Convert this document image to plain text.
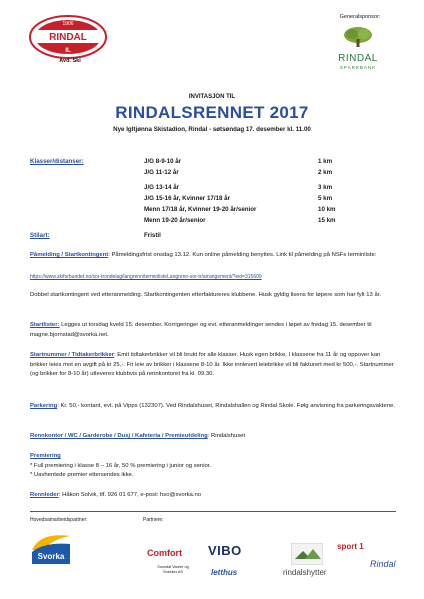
1906
RINDAL
IL
Avd. Ski
Generalsponsor:
RINDAL
SPAREBANK
INVITASJON TIL
RINDALSRENNET 2017
Nye Igltjønna Skistadion, Rindal - søtsøndag 17. desember kl. 11.00
Klasser/distanser:	J/G 8-9-10 år	1 km
J/G 11-12 år	2 km
J/G 13-14 år	3 km
J/G 15-16 år, Kvinner 17/18 år	5 km
Menn 17/18 år, Kvinner 19-20 år/senior	10 km
Menn 19-20 år/senior	15 km
Stilart:	Fristil
Påmelding / Startkontingent: Påmeldingsfrist onsdag 13.12. Kun online påmelding benyttes. Link til påmelding på NSFs terminliste:
https://www.skiforbundet.no/sor-trondelag/langrenn/terminlisteLangrenn-sor-tr/arrangement/?eid=315609
Dobbel startkontingent ved etteranmelding. Startkontingenten etterfaktureres klubbene. Husk gyldig lisens for løpere som har fylt 13 år.
Startlister: Legges ut torsdag kveld 15. desember. Korrigeringer og evt. etteranmeldinger sendes i løpet av fredag 15. desember til magne.bjornstad@svorka.net.
Startnummer / Tidtakerbrikker: Emit tidtakerbrikker vil bli brukt for alle klasser. Husk egen brikke. I klassene fra 11 år og oppover kan brikker leies mot en avgift på kr 25,-. Fri leie av brikker i klassene 8-10 år. Ikke innlevert leiebrikke vil bli fakturert med kr 500,-. Startnummer (og brikker for 8-10 år) utleveres klubbvis på rennkontoret fra kl. 09.30.
Parkering: Kr. 50,- kontant, evt. på Vipps (132307). Ved Rindalshuset, Rindalshallen og Rindal Skole. Følg anvisning fra parkeringsvaktene.
Rennkontor / WC / Garderobe / Dusj / Kafeteria / Premieutdeling: Rindalshuset
Premiering
* Full premiering i klasse 8 – 16 år, 50 % premiering i junior og senior.
* Uavhentede premier ettersendes ikke.
Rennleder: Håkon Solvik, tlf. 926 01 677, e-post: hso@svorka.no
Hovedsamarbeidspartner:	Partnere:
Svorka	Comfort
Sunndal Vareer og Snekker AS
VIBO
letthus	rindalshytter
sport 1
Rindal
